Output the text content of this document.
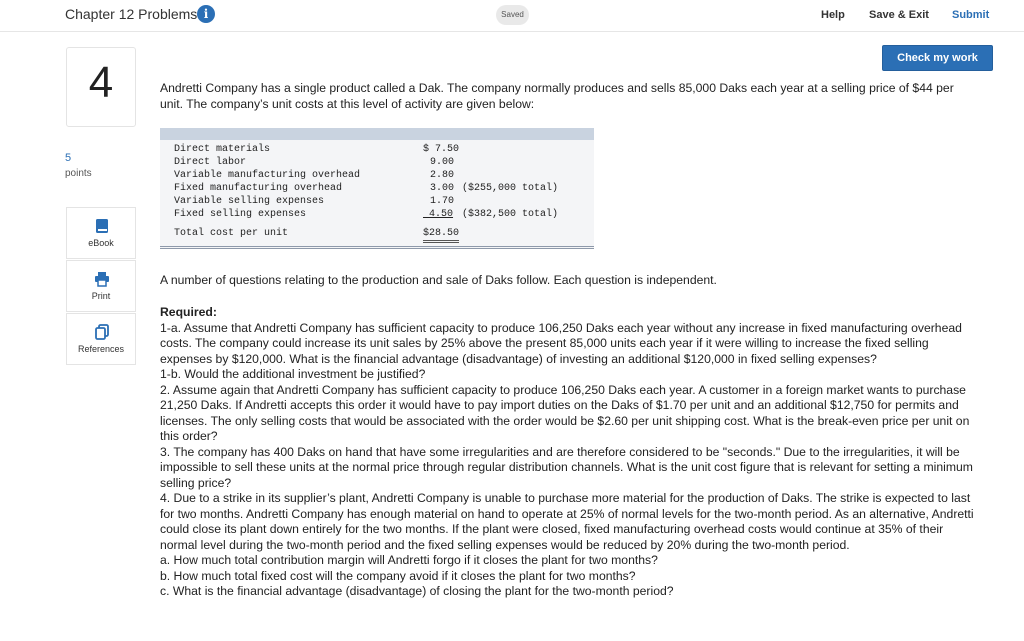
Chapter 12 Problems i	Saved	Help Save & Exit Submit
Check my work
4
5
points
eBook
Print
References
Andretti Company has a single product called a Dak. The company normally produces and sells 85,000 Daks each year at a selling price of $44 per unit. The company’s unit costs at this level of activity are given below:
Direct materials	$ 7.50
Direct labor	9.00
Variable manufacturing overhead	2.80
Fixed manufacturing overhead	3.00 ($255,000 total)
Variable selling expenses	1.70
Fixed selling expenses	4.50 ($382,500 total)
Total cost per unit	$28.50
A number of questions relating to the production and sale of Daks follow. Each question is independent.

Required:

1-a. Assume that Andretti Company has sufficient capacity to produce 106,250 Daks each year without any increase in fixed manufacturing overhead costs. The company could increase its unit sales by 25% above the present 85,000 units each year if it were willing to increase the fixed selling expenses by $120,000. What is the financial advantage (disadvantage) of investing an additional $120,000 in fixed selling expenses?

1-b. Would the additional investment be justified?

2. Assume again that Andretti Company has sufficient capacity to produce 106,250 Daks each year. A customer in a foreign market wants to purchase 21,250 Daks. If Andretti accepts this order it would have to pay import duties on the Daks of $1.70 per unit and an additional $12,750 for permits and licenses. The only selling costs that would be associated with the order would be $2.60 per unit shipping cost. What is the break-even price per unit on this order?

3. The company has 400 Daks on hand that have some irregularities and are therefore considered to be "seconds." Due to the irregularities, it will be impossible to sell these units at the normal price through regular distribution channels. What is the unit cost figure that is relevant for setting a minimum selling price?

4. Due to a strike in its supplier’s plant, Andretti Company is unable to purchase more material for the production of Daks. The strike is expected to last for two months. Andretti Company has enough material on hand to operate at 25% of normal levels for the two-month period. As an alternative, Andretti could close its plant down entirely for the two months. If the plant were closed, fixed manufacturing overhead costs would continue at 35% of their normal level during the two-month period and the fixed selling expenses would be reduced by 20% during the two-month period.

a. How much total contribution margin will Andretti forgo if it closes the plant for two months?

b. How much total fixed cost will the company avoid if it closes the plant for two months?

c. What is the financial advantage (disadvantage) of closing the plant for the two-month period?
